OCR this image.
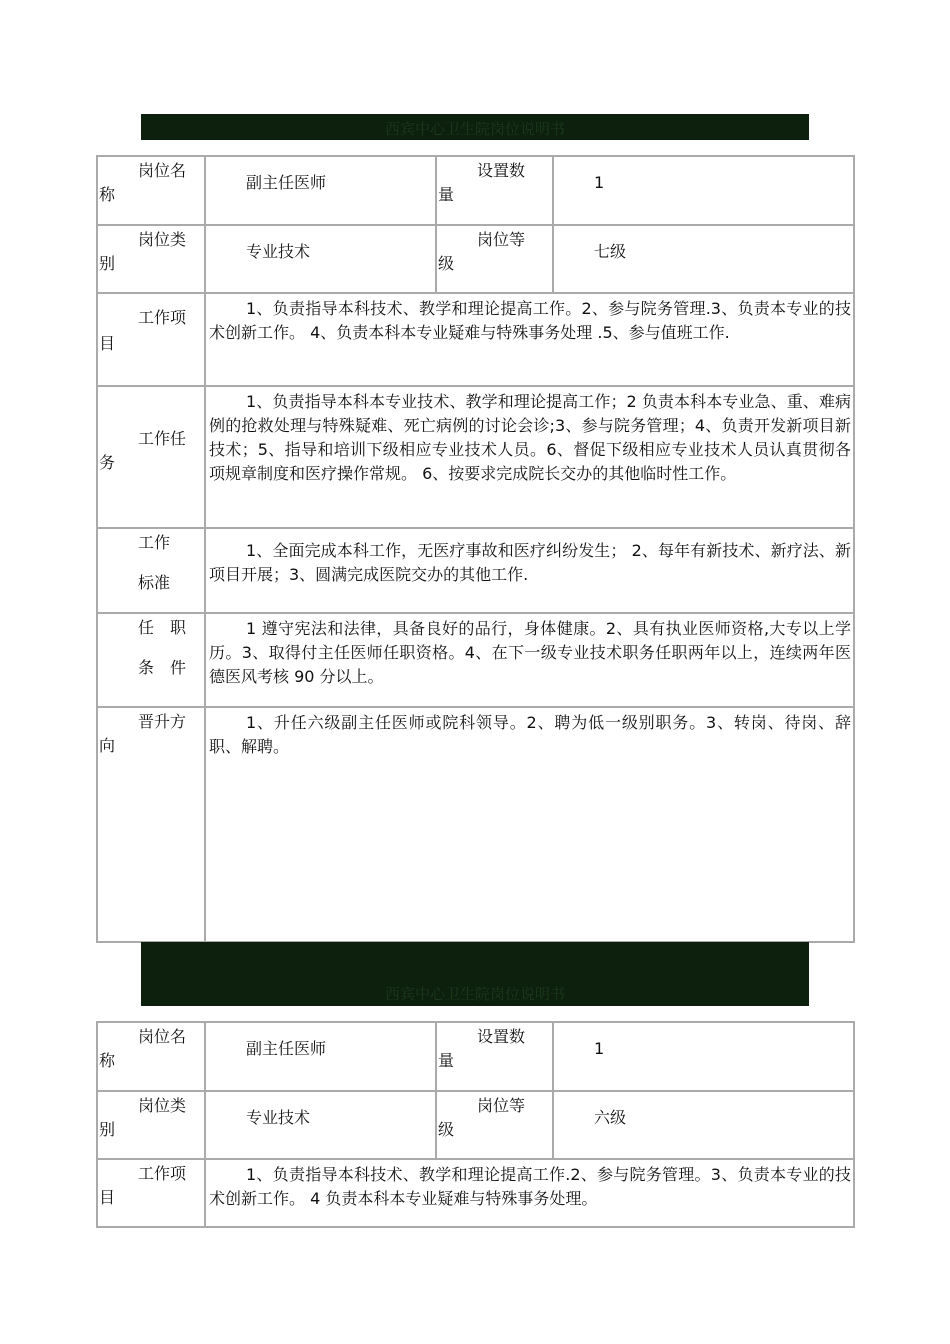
西宾中心卫生院岗位说明书
岗位名
称
副主任医师
设置数
量
1
岗位类
别
专业技术
岗位等
级
七级
工作项
目
1、负责指导本科技术、教学和理论提高工作。2、参与院务管理.3、负责本专业的技术创新工作。 4、负责本科本专业疑难与特殊事务处理 .5、参与值班工作.
工作任
务
1、负责指导本科本专业技术、教学和理论提高工作；2 负责本科本专业急、重、难病例的抢救处理与特殊疑难、死亡病例的讨论会诊;3、参与院务管理；4、负责开发新项目新技术；5、指导和培训下级相应专业技术人员。6、督促下级相应专业技术人员认真贯彻各项规章制度和医疗操作常规。 6、按要求完成院长交办的其他临时性工作。
工作
标准
1、全面完成本科工作，无医疗事故和医疗纠纷发生； 2、每年有新技术、新疗法、新项目开展；3、圆满完成医院交办的其他工作.
任职
条件
1 遵守宪法和法律，具备良好的品行，身体健康。2、具有执业医师资格,大专以上学历。3、取得付主任医师任职资格。4、在下一级专业技术职务任职两年以上，连续两年医德医风考核 90 分以上。
晋升方
向
1、升任六级副主任医师或院科领导。2、聘为低一级别职务。3、转岗、待岗、辞职、解聘。
西宾中心卫生院岗位说明书
岗位名
称
副主任医师
设置数
量
1
岗位类
别
专业技术
岗位等
级
六级
工作项
目
1、负责指导本科技术、教学和理论提高工作.2、参与院务管理。3、负责本专业的技术创新工作。 4 负责本科本专业疑难与特殊事务处理。
